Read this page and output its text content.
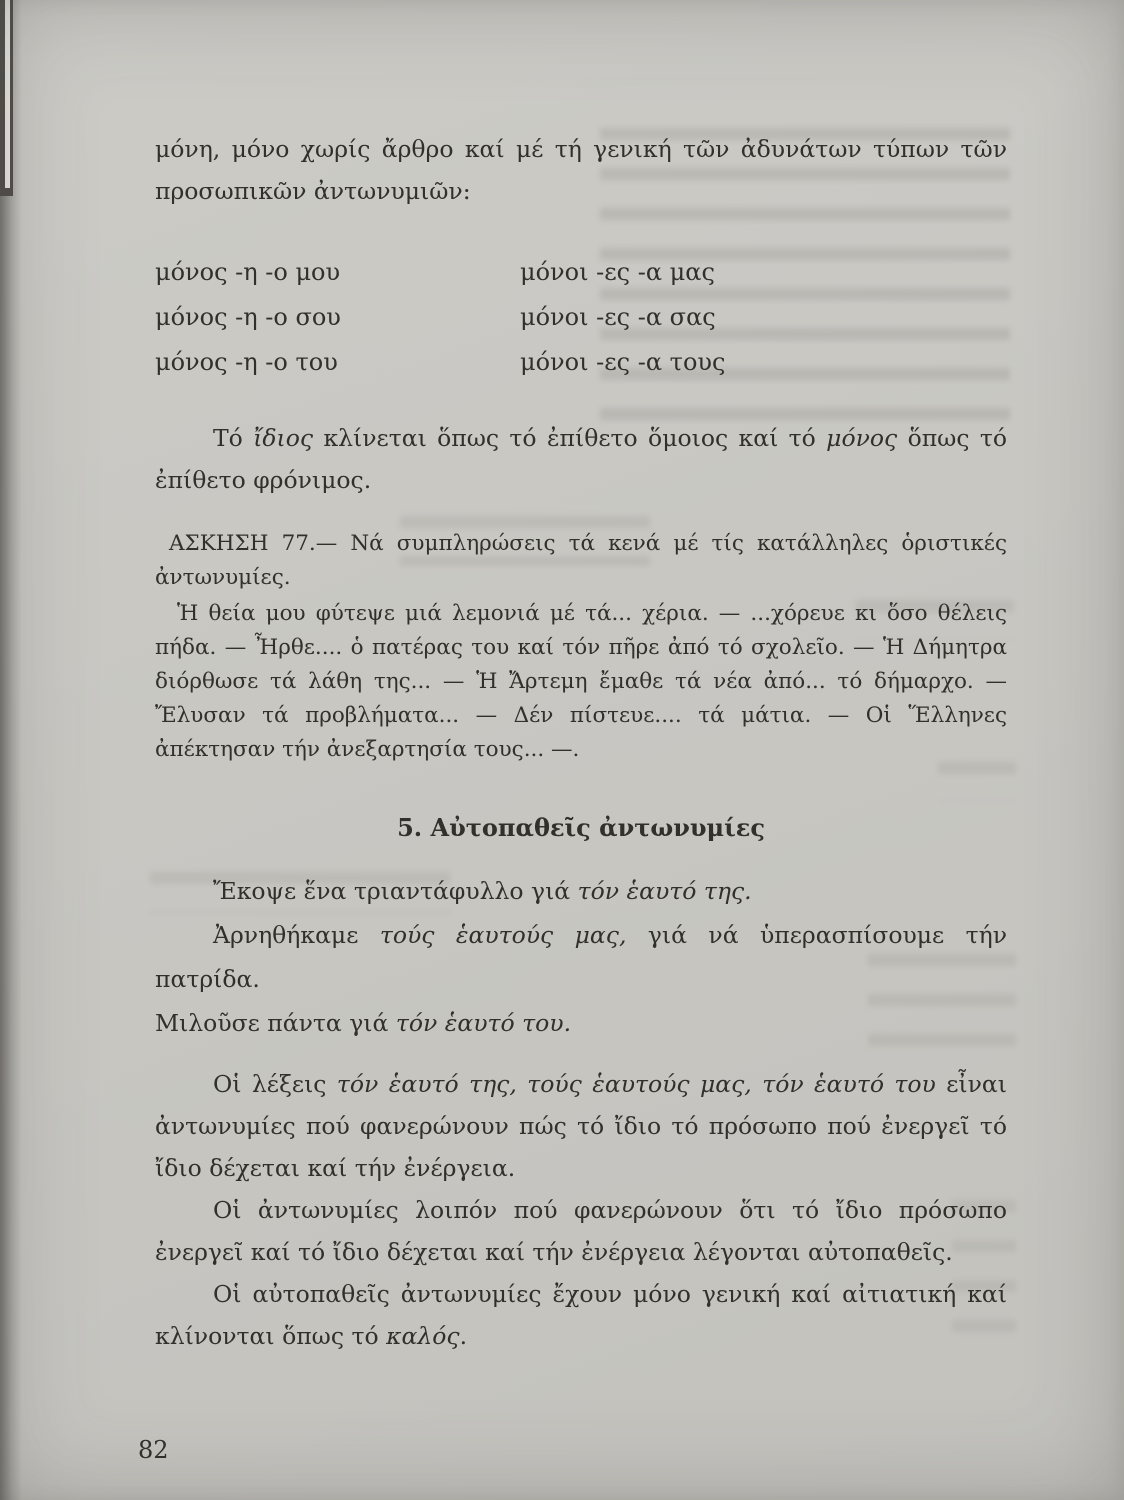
μόνη, μόνο χωρίς ἄρθρο καί μέ τή γενική τῶν ἀδυνάτων τύπων τῶν προσωπικῶν ἀντωνυμιῶν:

μόνος -η -ο μου	μόνοι -ες -α μας
μόνος -η -ο σου	μόνοι -ες -α σας
μόνος -η -ο του	μόνοι -ες -α τους

Τό ἴδιος κλίνεται ὅπως τό ἐπίθετο ὅμοιος καί τό μόνος ὅπως τό ἐπίθετο φρόνιμος.

ΑΣΚΗΣΗ 77.— Νά συμπληρώσεις τά κενά μέ τίς κατάλληλες ὁριστικές ἀντωνυμίες.

Ἡ θεία μου φύτεψε μιά λεμονιά μέ τά... χέρια. — ...χόρευε κι ὅσο θέλεις πήδα. — Ἦρθε.... ὁ πατέρας του καί τόν πῆρε ἀπό τό σχολεῖο. — Ἡ Δήμητρα διόρθωσε τά λάθη της... — Ἡ Ἄρτεμη ἔμαθε τά νέα ἀπό... τό δήμαρχο. — Ἔλυσαν τά προβλήματα... — Δέν πίστευε.... τά μάτια. — Οἱ Ἕλληνες ἀπέκτησαν τήν ἀνεξαρτησία τους... —.

5. Αὐτοπαθεῖς ἀντωνυμίες

Ἔκοψε ἕνα τριαντάφυλλο γιά τόν ἑαυτό της.

Ἀρνηθήκαμε τούς ἑαυτούς μας, γιά νά ὑπερασπίσουμε τήν πατρίδα.

Μιλοῦσε πάντα γιά τόν ἑαυτό του.

Οἱ λέξεις τόν ἑαυτό της, τούς ἑαυτούς μας, τόν ἑαυτό του εἶναι ἀντωνυμίες πού φανερώνουν πώς τό ἴδιο τό πρόσωπο πού ἐνεργεῖ τό ἴδιο δέχεται καί τήν ἐνέργεια.

Οἱ ἀντωνυμίες λοιπόν πού φανερώνουν ὅτι τό ἴδιο πρόσωπο ἐνεργεῖ καί τό ἴδιο δέχεται καί τήν ἐνέργεια λέγονται αὐτοπαθεῖς.

Οἱ αὐτοπαθεῖς ἀντωνυμίες ἔχουν μόνο γενική καί αἰτιατική καί κλίνονται ὅπως τό καλός.

82
